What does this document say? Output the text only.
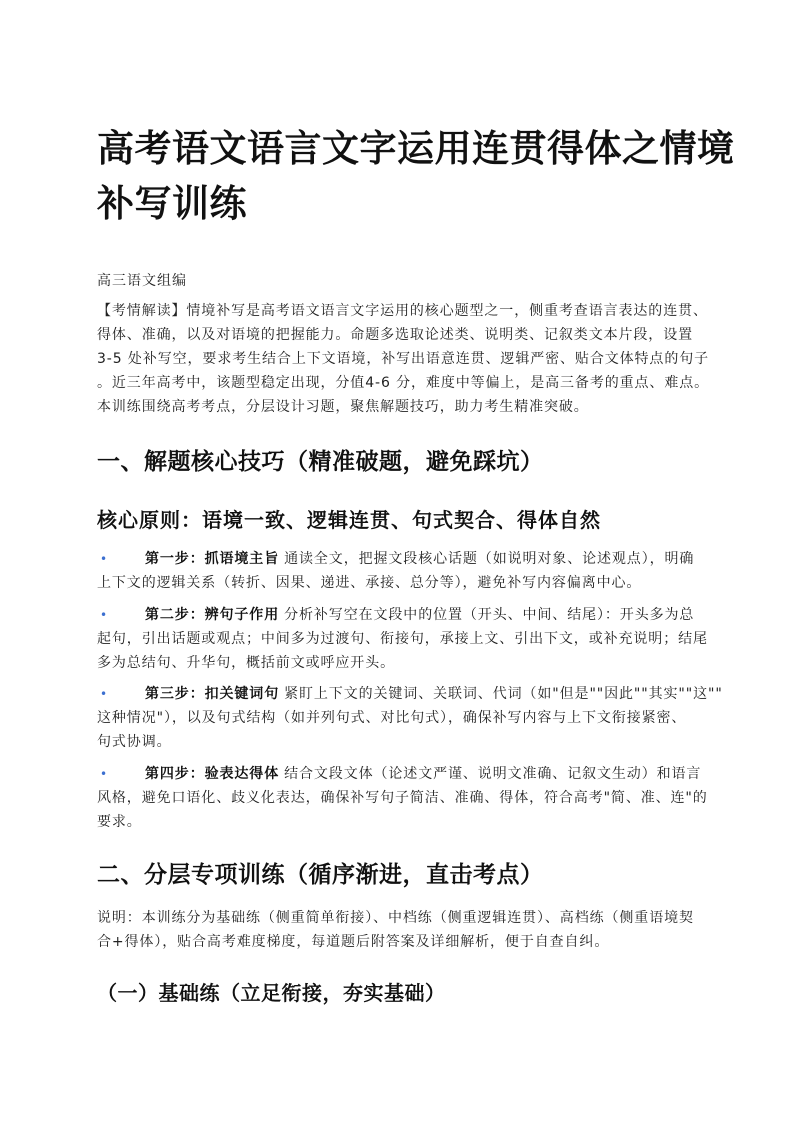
高考语文语言文字运用连贯得体之情境
补写训练
高三语文组编
【考情解读】情境补写是高考语文语言文字运用的核心题型之一，侧重考查语言表达的连贯、
得体、准确，以及对语境的把握能力。命题多选取论述类、说明类、记叙类文本片段，设置
3-5 处补写空，要求考生结合上下文语境，补写出语意连贯、逻辑严密、贴合文体特点的句子
。近三年高考中，该题型稳定出现，分值4-6 分，难度中等偏上，是高三备考的重点、难点。
本训练围绕高考考点，分层设计习题，聚焦解题技巧，助力考生精准突破。
一、解题核心技巧（精准破题，避免踩坑）
核心原则：语境一致、逻辑连贯、句式契合、得体自然
•	第一步：抓语境主旨 通读全文，把握文段核心话题（如说明对象、论述观点），明确
上下文的逻辑关系（转折、因果、递进、承接、总分等），避免补写内容偏离中心。
•	第二步：辨句子作用 分析补写空在文段中的位置（开头、中间、结尾）：开头多为总
起句，引出话题或观点；中间多为过渡句、衔接句，承接上文、引出下文，或补充说明；结尾
多为总结句、升华句，概括前文或呼应开头。
•	第三步：扣关键词句 紧盯上下文的关键词、关联词、代词（如"但是""因此""其实""这""
这种情况"），以及句式结构（如并列句式、对比句式），确保补写内容与上下文衔接紧密、
句式协调。
•	第四步：验表达得体 结合文段文体（论述文严谨、说明文准确、记叙文生动）和语言
风格，避免口语化、歧义化表达，确保补写句子简洁、准确、得体，符合高考"简、准、连"的
要求。
二、分层专项训练（循序渐进，直击考点）
说明：本训练分为基础练（侧重简单衔接）、中档练（侧重逻辑连贯）、高档练（侧重语境契
合+得体），贴合高考难度梯度，每道题后附答案及详细解析，便于自查自纠。
（一）基础练（立足衔接，夯实基础）
